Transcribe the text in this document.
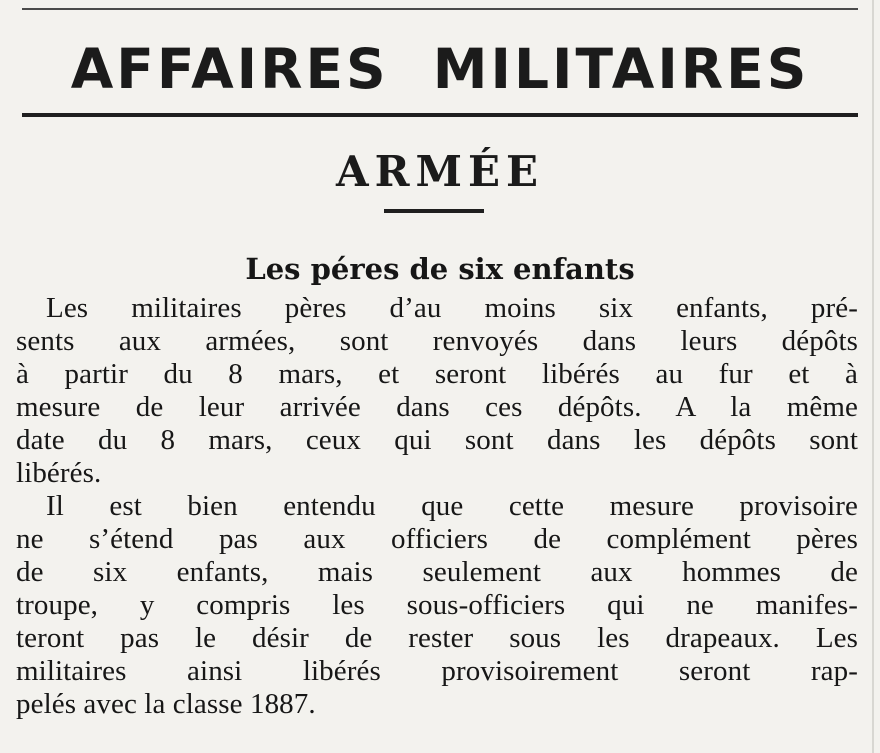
AFFAIRES MILITAIRES
ARMÉE
Les péres de six enfants
Les militaires pères d’au moins six enfants, pré-
sents aux armées, sont renvoyés dans leurs dépôts
à partir du 8 mars, et seront libérés au fur et à
mesure de leur arrivée dans ces dépôts. A la même
date du 8 mars, ceux qui sont dans les dépôts sont
libérés.
Il est bien entendu que cette mesure provisoire
ne s’étend pas aux officiers de complément pères
de six enfants, mais seulement aux hommes de
troupe, y compris les sous-officiers qui ne manifes-
teront pas le désir de rester sous les drapeaux. Les
militaires ainsi libérés provisoirement seront rap-
pelés avec la classe 1887.
